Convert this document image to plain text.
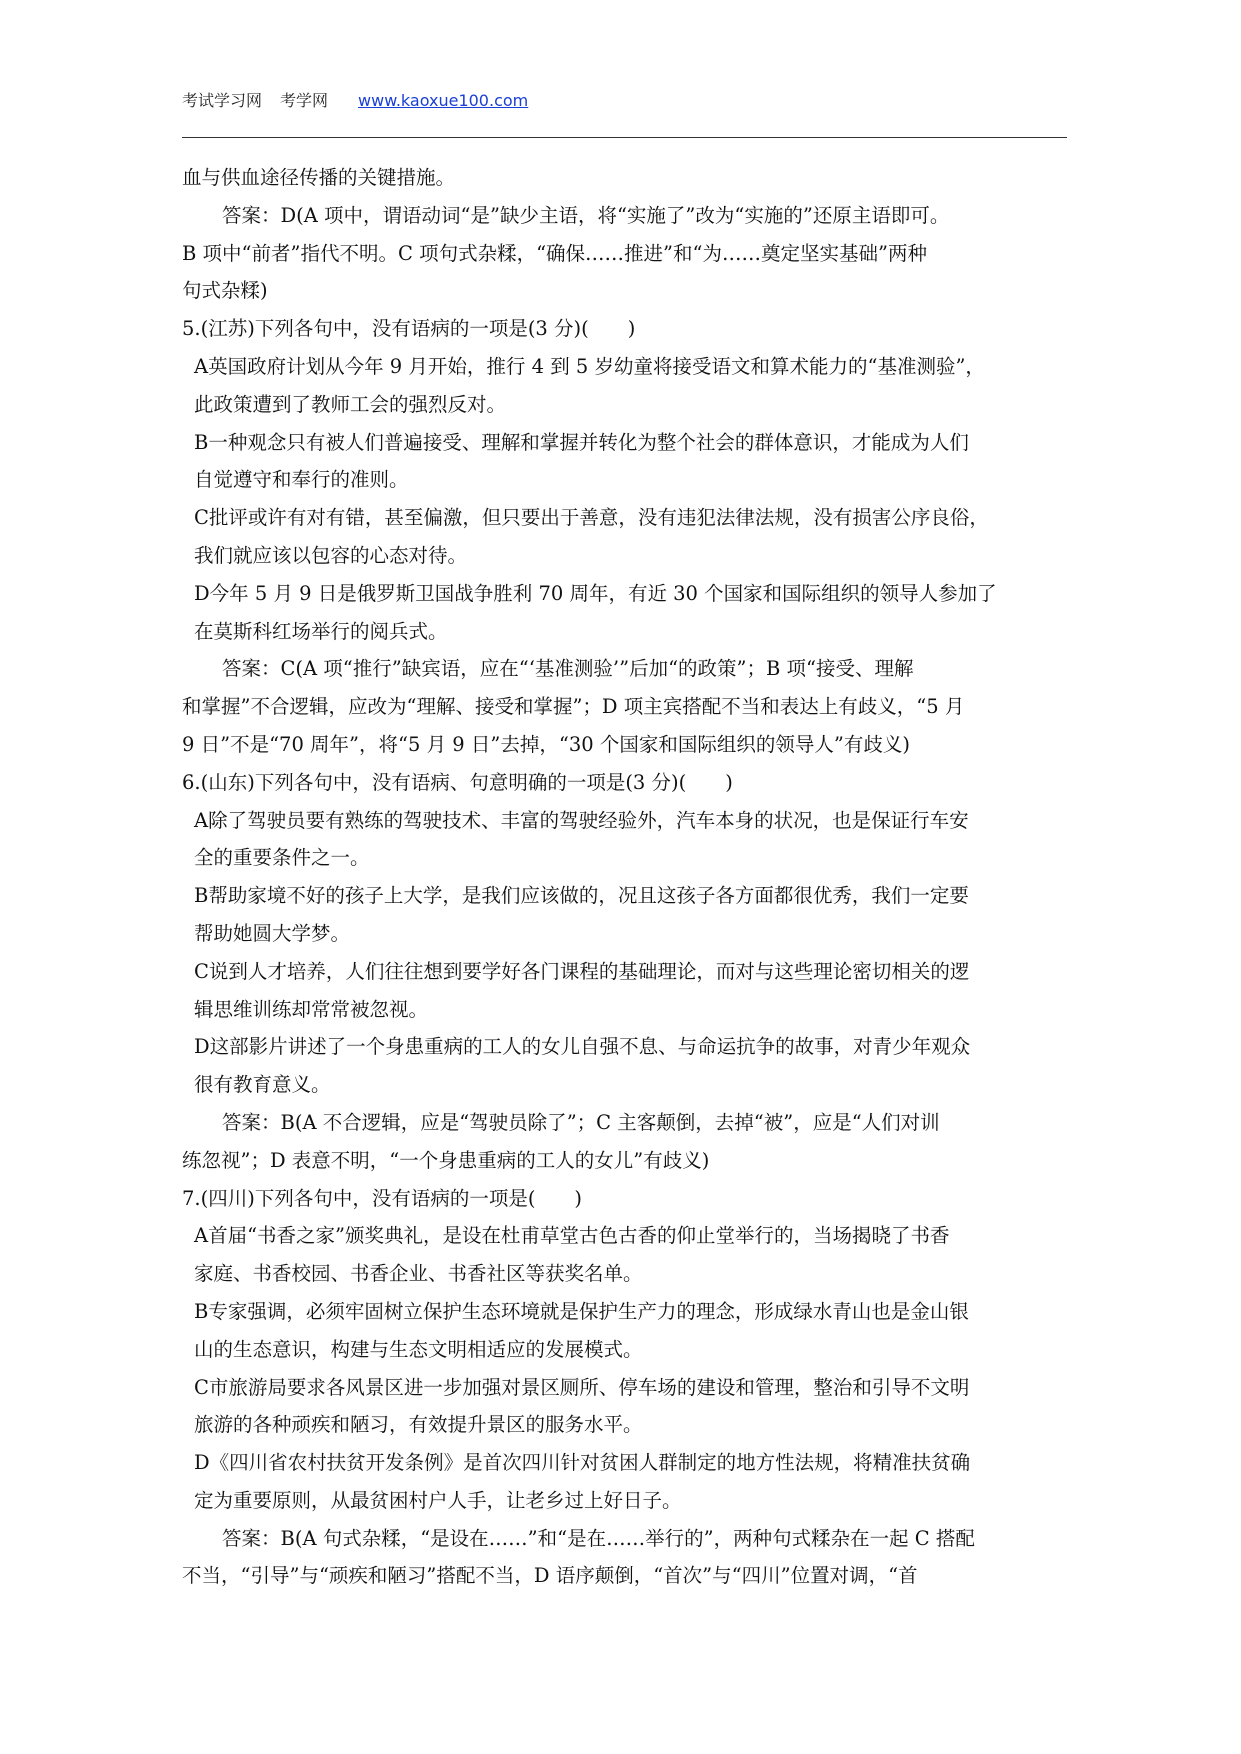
考试学习网 考学网 www.kaoxue100.com

血与供血途径传播的关键措施。

答案：D(A 项中，谓语动词“是”缺少主语，将“实施了”改为“实施的”还原主语即可。

B 项中“前者”指代不明。C 项句式杂糅，“确保……推进”和“为……奠定坚实基础”两种

句式杂糅)

5.(江苏)下列各句中，没有语病的一项是(3 分)(　　)

A英国政府计划从今年 9 月开始，推行 4 到 5 岁幼童将接受语文和算术能力的“基准测验”，

此政策遭到了教师工会的强烈反对。

B一种观念只有被人们普遍接受、理解和掌握并转化为整个社会的群体意识，才能成为人们

自觉遵守和奉行的准则。

C批评或许有对有错，甚至偏激，但只要出于善意，没有违犯法律法规，没有损害公序良俗，

我们就应该以包容的心态对待。

D今年 5 月 9 日是俄罗斯卫国战争胜利 70 周年，有近 30 个国家和国际组织的领导人参加了

在莫斯科红场举行的阅兵式。

答案：C(A 项“推行”缺宾语，应在“‘基准测验’”后加“的政策”；B 项“接受、理解

和掌握”不合逻辑，应改为“理解、接受和掌握”；D 项主宾搭配不当和表达上有歧义，“5 月

9 日”不是“70 周年”，将“5 月 9 日”去掉，“30 个国家和国际组织的领导人”有歧义)

6.(山东)下列各句中，没有语病、句意明确的一项是(3 分)(　　)

A除了驾驶员要有熟练的驾驶技术、丰富的驾驶经验外，汽车本身的状况，也是保证行车安

全的重要条件之一。

B帮助家境不好的孩子上大学，是我们应该做的，况且这孩子各方面都很优秀，我们一定要

帮助她圆大学梦。

C说到人才培养，人们往往想到要学好各门课程的基础理论，而对与这些理论密切相关的逻

辑思维训练却常常被忽视。

D这部影片讲述了一个身患重病的工人的女儿自强不息、与命运抗争的故事，对青少年观众

很有教育意义。

答案：B(A 不合逻辑，应是“驾驶员除了”；C 主客颠倒，去掉“被”，应是“人们对训

练忽视”；D 表意不明，“一个身患重病的工人的女儿”有歧义)

7.(四川)下列各句中，没有语病的一项是(　　)

A首届“书香之家”颁奖典礼，是设在杜甫草堂古色古香的仰止堂举行的，当场揭晓了书香

家庭、书香校园、书香企业、书香社区等获奖名单。

B专家强调，必须牢固树立保护生态环境就是保护生产力的理念，形成绿水青山也是金山银

山的生态意识，构建与生态文明相适应的发展模式。

C市旅游局要求各风景区进一步加强对景区厕所、停车场的建设和管理，整治和引导不文明

旅游的各种顽疾和陋习，有效提升景区的服务水平。

D《四川省农村扶贫开发条例》是首次四川针对贫困人群制定的地方性法规，将精准扶贫确

定为重要原则，从最贫困村户人手，让老乡过上好日子。

答案：B(A 句式杂糅，“是设在……”和“是在……举行的”，两种句式糅杂在一起 C 搭配

不当，“引导”与“顽疾和陋习”搭配不当，D 语序颠倒，“首次”与“四川”位置对调，“首
